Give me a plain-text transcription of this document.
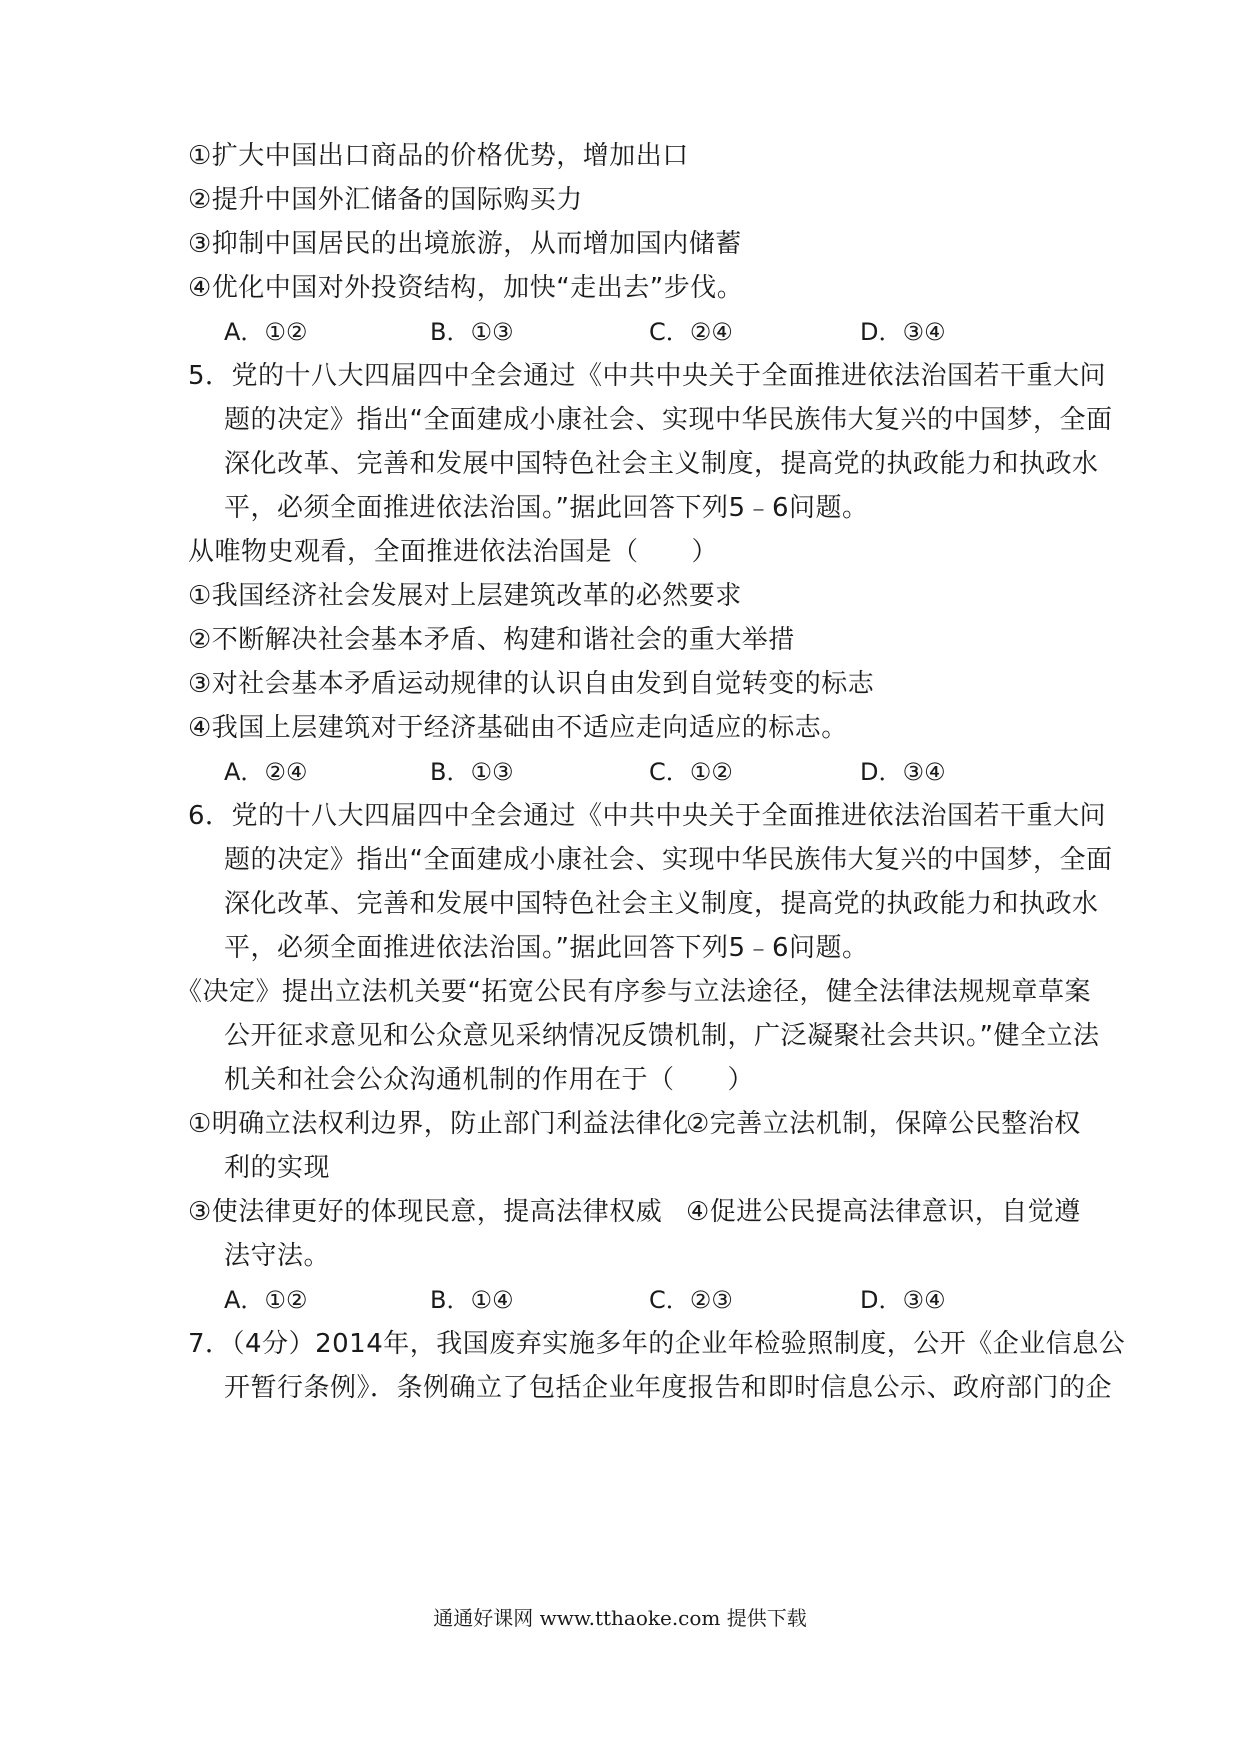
①扩大中国出口商品的价格优势，增加出口
②提升中国外汇储备的国际购买力
③抑制中国居民的出境旅游，从而增加国内储蓄
④优化中国对外投资结构，加快“走出去”步伐。
A．①②	B．①③	C．②④	D．③④
5．党的十八大四届四中全会通过《中共中央关于全面推进依法治国若干重大问
题的决定》指出“全面建成小康社会、实现中华民族伟大复兴的中国梦，全面
深化改革、完善和发展中国特色社会主义制度，提高党的执政能力和执政水
平，必须全面推进依法治国。”据此回答下列5﹣6问题。
从唯物史观看，全面推进依法治国是（　　）
①我国经济社会发展对上层建筑改革的必然要求
②不断解决社会基本矛盾、构建和谐社会的重大举措
③对社会基本矛盾运动规律的认识自由发到自觉转变的标志
④我国上层建筑对于经济基础由不适应走向适应的标志。
A．②④	B．①③	C．①②	D．③④
6．党的十八大四届四中全会通过《中共中央关于全面推进依法治国若干重大问
题的决定》指出“全面建成小康社会、实现中华民族伟大复兴的中国梦，全面
深化改革、完善和发展中国特色社会主义制度，提高党的执政能力和执政水
平，必须全面推进依法治国。”据此回答下列5﹣6问题。
《决定》提出立法机关要“拓宽公民有序参与立法途径，健全法律法规规章草案
公开征求意见和公众意见采纳情况反馈机制，广泛凝聚社会共识。”健全立法
机关和社会公众沟通机制的作用在于（　　）
①明确立法权利边界，防止部门利益法律化
②完善立法机制，保障公民整治权
利的实现
③使法律更好的体现民意，提高法律权威 ④促进公民提高法律意识，自觉遵
法守法。
A．①②	B．①④	C．②③	D．③④
7．（4分）2014年，我国废弃实施多年的企业年检验照制度，公开《企业信息公
开暂行条例》．条例确立了包括企业年度报告和即时信息公示、政府部门的企
通通好课网 www.tthaoke.com 提供下载
